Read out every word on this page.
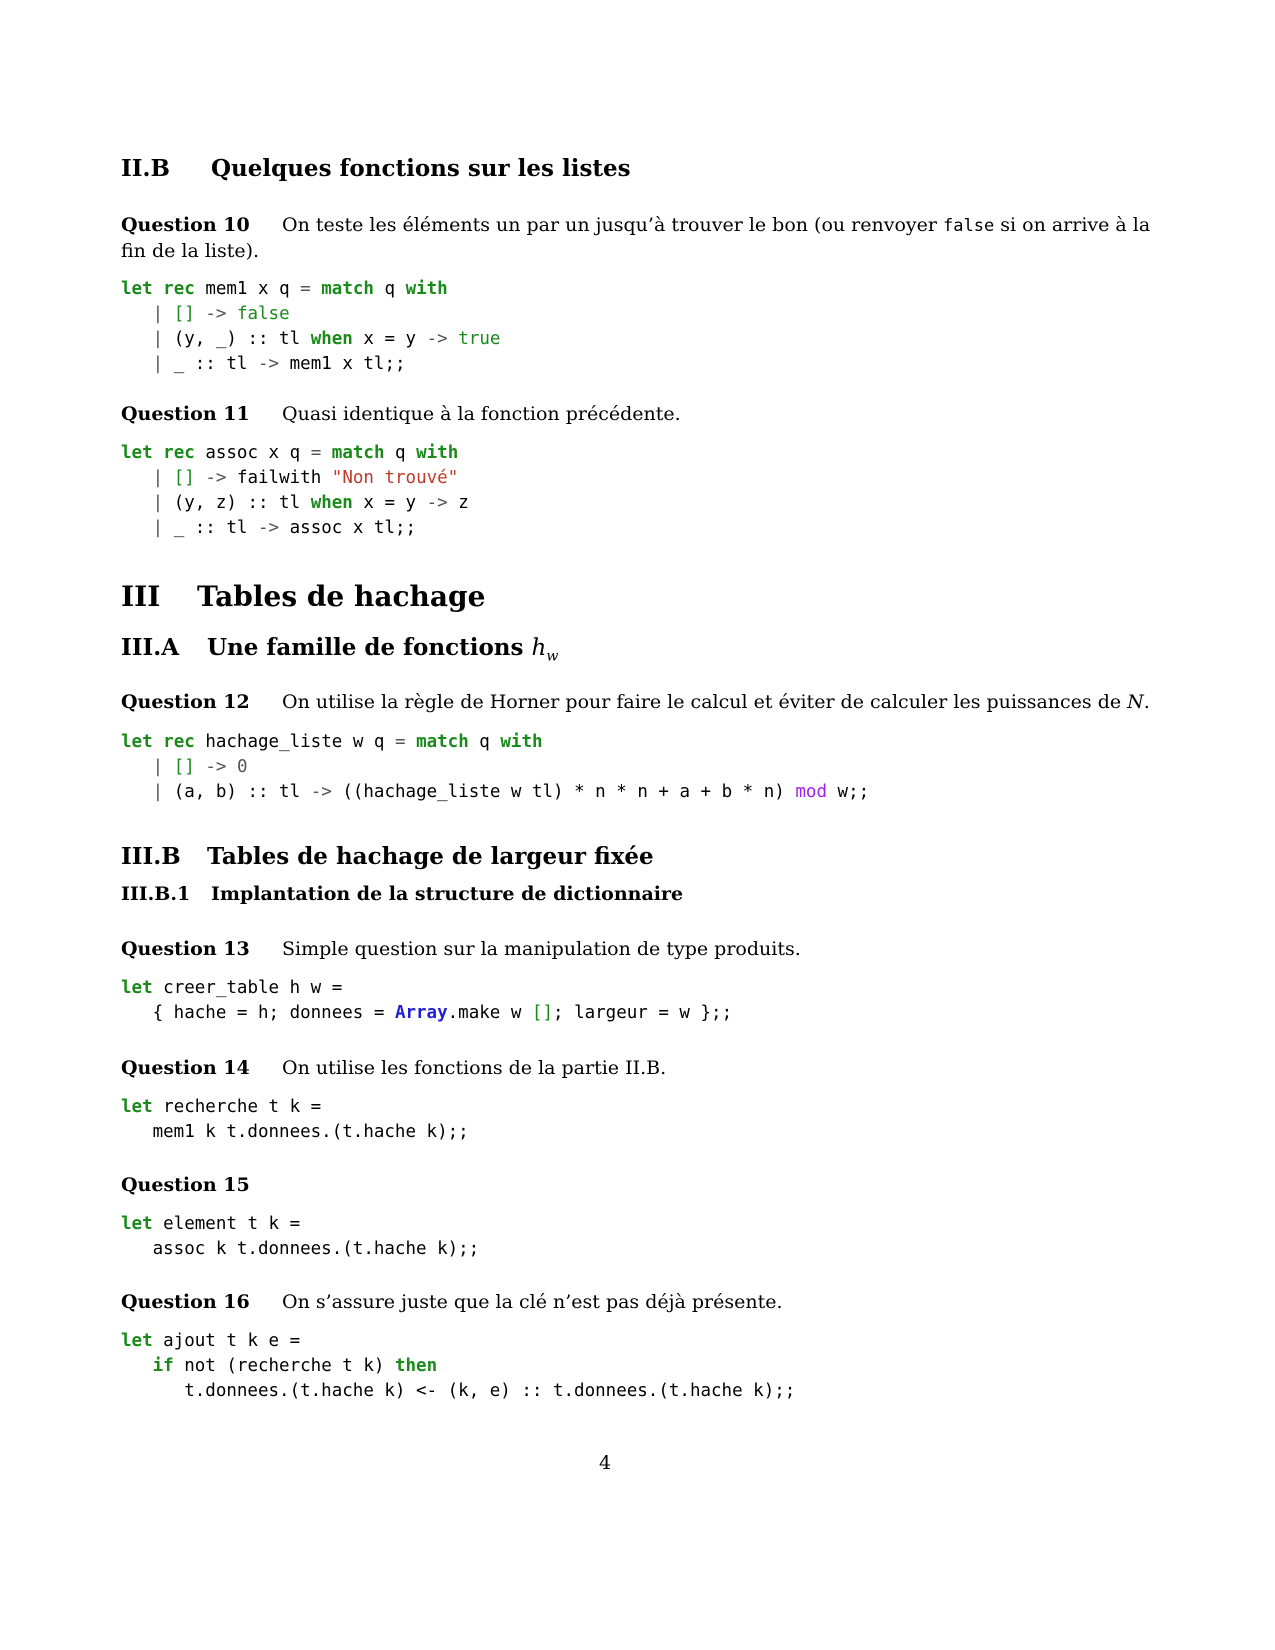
II.B Quelques fonctions sur les listes
Question 10 On teste les éléments un par un jusqu’à trouver le bon (ou renvoyer false si on arrive à la fin de la liste).
let rec mem1 x q = match q with
| [] -> false
| (y, _) :: tl when x = y -> true
| _ :: tl -> mem1 x tl;;
Question 11 Quasi identique à la fonction précédente.
let rec assoc x q = match q with
| [] -> failwith "Non trouvé"
| (y, z) :: tl when x = y -> z
| _ :: tl -> assoc x tl;;
III Tables de hachage
III.A Une famille de fonctions $h_w$
Question 12 On utilise la règle de Horner pour faire le calcul et éviter de calculer les puissances de N.
let rec hachage_liste w q = match q with
| [] -> 0
| (a, b) :: tl -> ((hachage_liste w tl) * n * n + a + b * n) mod w;;
III.B Tables de hachage de largeur fixée
III.B.1 Implantation de la structure de dictionnaire
Question 13 Simple question sur la manipulation de type produits.
let creer_table h w =
{ hache = h; donnees = Array.make w []; largeur = w };;
Question 14 On utilise les fonctions de la partie II.B.
let recherche t k =
mem1 k t.donnees.(t.hache k);;
Question 15
let element t k =
assoc k t.donnees.(t.hache k);;
Question 16 On s’assure juste que la clé n’est pas déjà présente.
let ajout t k e =
if not (recherche t k) then
t.donnees.(t.hache k) <- (k, e) :: t.donnees.(t.hache k);;
4
